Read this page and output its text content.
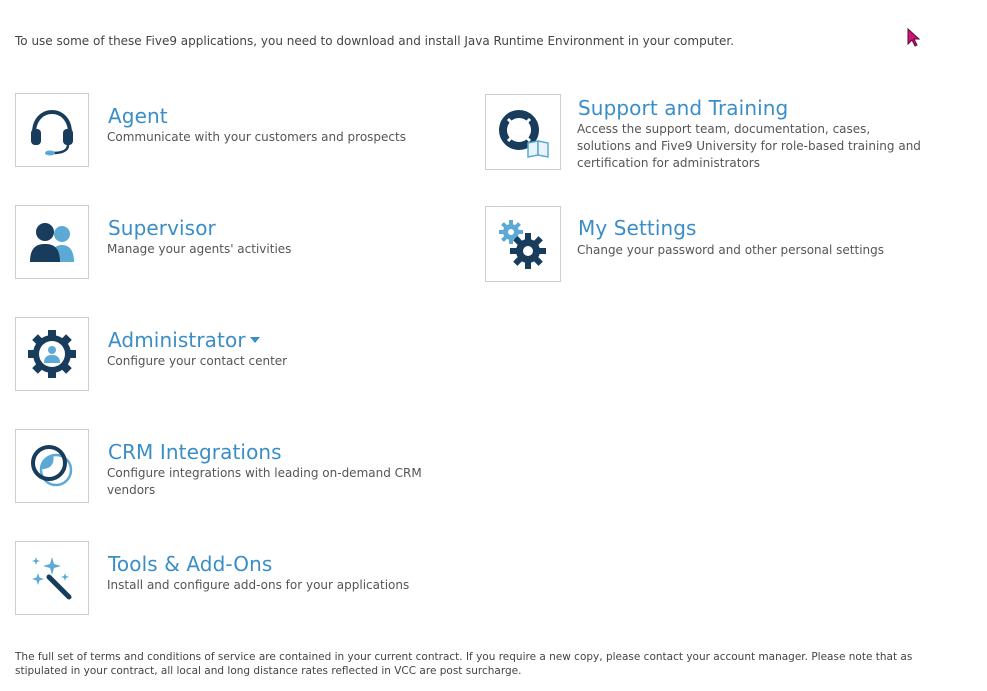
To use some of these Five9 applications, you need to download and install Java Runtime Environment in your computer.
Agent
Communicate with your customers and prospects
Support and Training
Access the support team, documentation, cases, solutions and Five9 University for role-based training and certification for administrators
Supervisor
Manage your agents' activities
My Settings
Change your password and other personal settings
Administrator
Configure your contact center
CRM Integrations
Configure integrations with leading on-demand CRM vendors
Tools & Add-Ons
Install and configure add-ons for your applications
The full set of terms and conditions of service are contained in your current contract. If you require a new copy, please contact your account manager. Please note that as stipulated in your contract, all local and long distance rates reflected in VCC are post surcharge.
